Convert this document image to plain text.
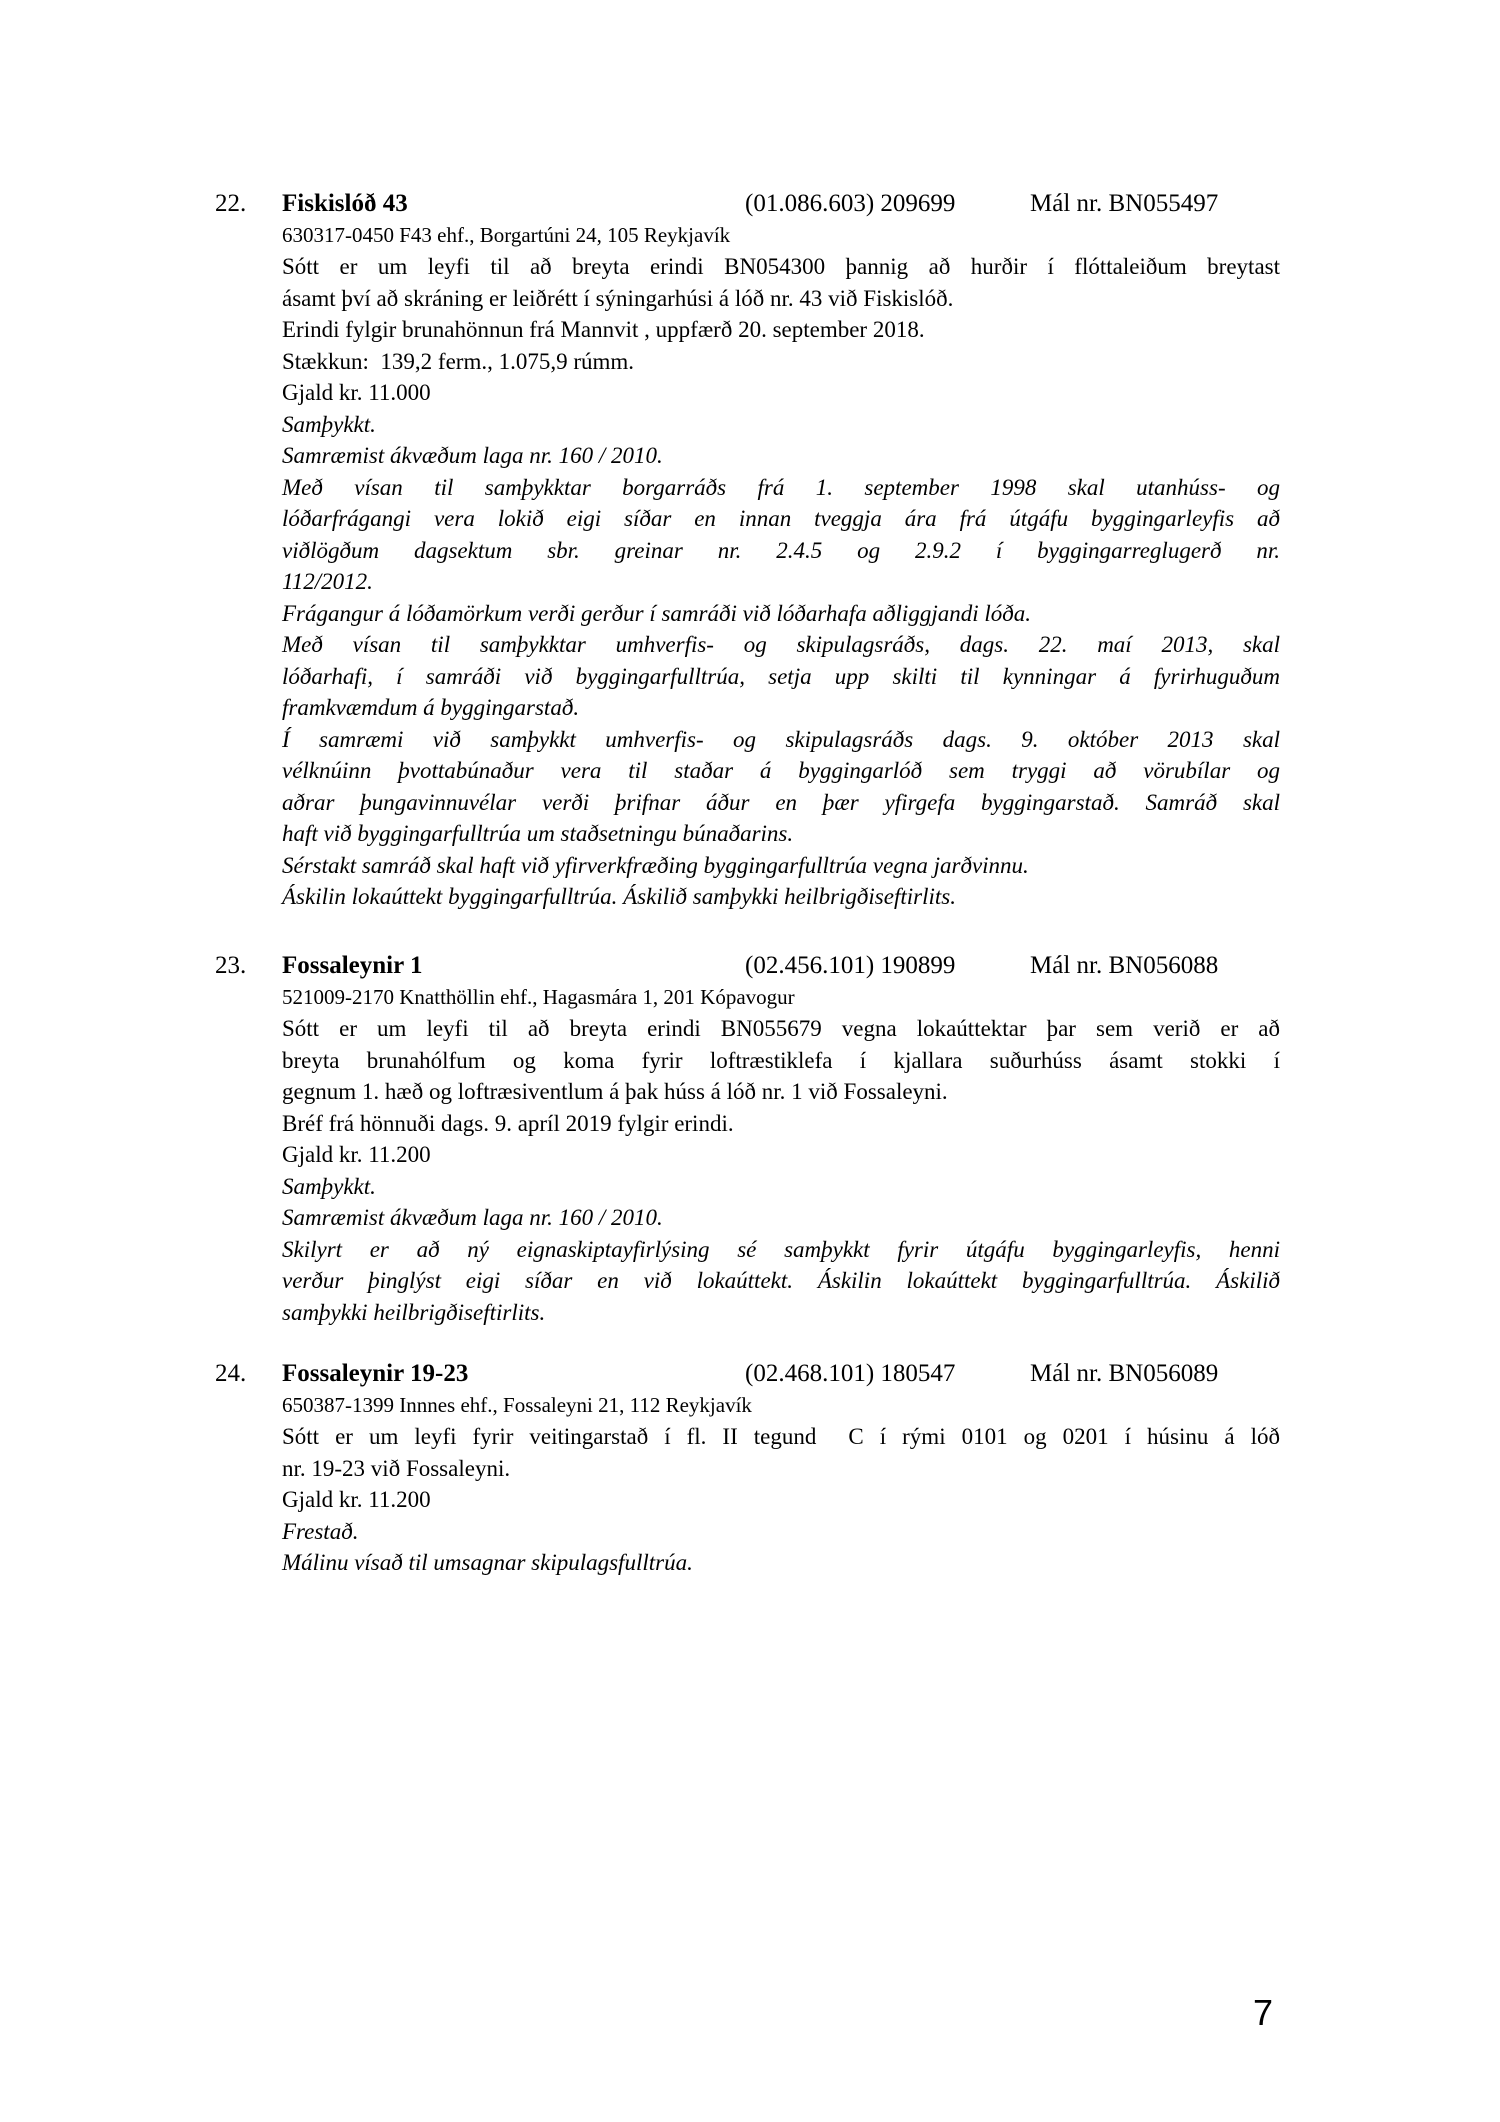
22.	Fiskislóð 43	(01.086.603) 209699	Mál nr. BN055497
630317-0450 F43 ehf., Borgartúni 24, 105 Reykjavík

Sótt er um leyfi til að breyta erindi BN054300 þannig að hurðir í flóttaleiðum breytast
ásamt því að skráning er leiðrétt í sýningarhúsi á lóð nr. 43 við Fiskislóð.

Erindi fylgir brunahönnun frá Mannvit , uppfærð 20. september 2018.

Stækkun:  139,2 ferm., 1.075,9 rúmm.

Gjald kr. 11.000

Samþykkt.

Samræmist ákvæðum laga nr. 160 / 2010.

Með vísan til samþykktar borgarráðs frá 1. september 1998 skal utanhúss- og
lóðarfrágangi vera lokið eigi síðar en innan tveggja ára frá útgáfu byggingarleyfis að
viðlögðum dagsektum sbr. greinar nr. 2.4.5 og 2.9.2 í byggingarreglugerð nr.
112/2012.

Frágangur á lóðamörkum verði gerður í samráði við lóðarhafa aðliggjandi lóða.

Með vísan til samþykktar umhverfis- og skipulagsráðs, dags. 22. maí 2013, skal
lóðarhafi, í samráði við byggingarfulltrúa, setja upp skilti til kynningar á fyrirhuguðum
framkvæmdum á byggingarstað.

Í samræmi við samþykkt umhverfis- og skipulagsráðs dags. 9. október 2013 skal
vélknúinn þvottabúnaður vera til staðar á byggingarlóð sem tryggi að vörubílar og
aðrar þungavinnuvélar verði þrifnar áður en þær yfirgefa byggingarstað. Samráð skal
haft við byggingarfulltrúa um staðsetningu búnaðarins.

Sérstakt samráð skal haft við yfirverkfræðing byggingarfulltrúa vegna jarðvinnu.

Áskilin lokaúttekt byggingarfulltrúa. Áskilið samþykki heilbrigðiseftirlits.

23.	Fossaleynir 1	(02.456.101) 190899	Mál nr. BN056088
521009-2170 Knatthöllin ehf., Hagasmára 1, 201 Kópavogur

Sótt er um leyfi til að breyta erindi BN055679 vegna lokaúttektar þar sem verið er að
breyta brunahólfum og koma fyrir loftræstiklefa í kjallara suðurhúss ásamt stokki í
gegnum 1. hæð og loftræsiventlum á þak húss á lóð nr. 1 við Fossaleyni.

Bréf frá hönnuði dags. 9. apríl 2019 fylgir erindi.

Gjald kr. 11.200

Samþykkt.

Samræmist ákvæðum laga nr. 160 / 2010.

Skilyrt er að ný eignaskiptayfirlýsing sé samþykkt fyrir útgáfu byggingarleyfis, henni
verður þinglýst eigi síðar en við lokaúttekt. Áskilin lokaúttekt byggingarfulltrúa. Áskilið
samþykki heilbrigðiseftirlits.

24.	Fossaleynir 19-23	(02.468.101) 180547	Mál nr. BN056089
650387-1399 Innnes ehf., Fossaleyni 21, 112 Reykjavík

Sótt er um leyfi fyrir veitingarstað í fl. II tegund  C í rými 0101 og 0201 í húsinu á lóð
nr. 19-23 við Fossaleyni.

Gjald kr. 11.200

Frestað.

Málinu vísað til umsagnar skipulagsfulltrúa.

7
